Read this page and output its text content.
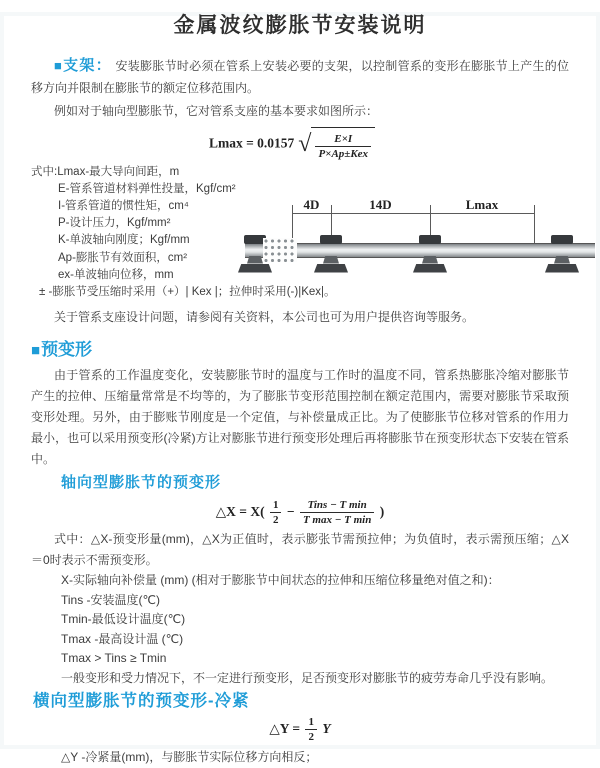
金属波纹膨胀节安装说明

■支架： 安装膨胀节时必须在管系上安装必要的支架，以控制管系的变形在膨胀节上产生的位移方向并限制在膨胀节的额定位移范围内。

例如对于轴向型膨胀节，它对管系支座的基本要求如图所示：

Lmax = 0.0157 √ $\frac{E\times I}{\text{P×Ap±Kex}}$
式中:Lmax-最大导向间距，m
E-管系管道材料弹性投量，Kgf/cm²
I-管系管道的惯性矩，cm⁴
P-设计压力，Kgf/mm²
K-单波轴向刚度；Kgf/mm
Ap-膨胀节有效面积，cm²
ex-单波轴向位移，mm
± -膨胀节受压缩时采用（+）| Kex |；拉伸时采用(-)|Kex|。
4D	14D	Lmax

关于管系支座设计问题，请参阅有关资料，本公司也可为用户提供咨询等服务。

■预变形

由于管系的工作温度变化，安装膨胀节时的温度与工作时的温度不同，管系热膨胀冷缩对膨胀节产生的拉伸、压缩量常常是不均等的，为了膨胀节变形范围控制在额定范围内，需要对膨胀节采取预变形处理。另外，由于膨账节刚度是一个定值，与补偿量成正比。为了使膨胀节位移对管系的作用力最小，也可以采用预变形(冷紧)方让对膨胀节进行预变形处理后再将膨胀节在预变形状态下安装在管系中。

轴向型膨胀节的预变形
△X = $X( \frac{1}{2} - \frac{\text{Tins − T min}}{\text{T max − T min}}$ )

式中：△X-预变形量(mm)，△X为正值时，表示膨张节需预拉伸；为负值时，表示需预压缩；△X＝0时表示不需预变形。

X-实际轴向补偿量 (mm) (相对于膨胀节中间状态的拉伸和压缩位移量绝对值之和)：
Tins -安装温度(℃)
Tmin-最低设计温度(℃)
Tmax -最高设计温 (℃)
Tmax > Tins ≥ Tmin
一般变形和受力情况下，不一定进行预变形，足否预变形对膨胀节的疲劳寿命几乎没有影响。
横向型膨胀节的预变形-冷紧
△Y = $\frac{1}{2}$ Y

△Y -冷紧量(mm)，与膨胀节实际位移方向相反；
